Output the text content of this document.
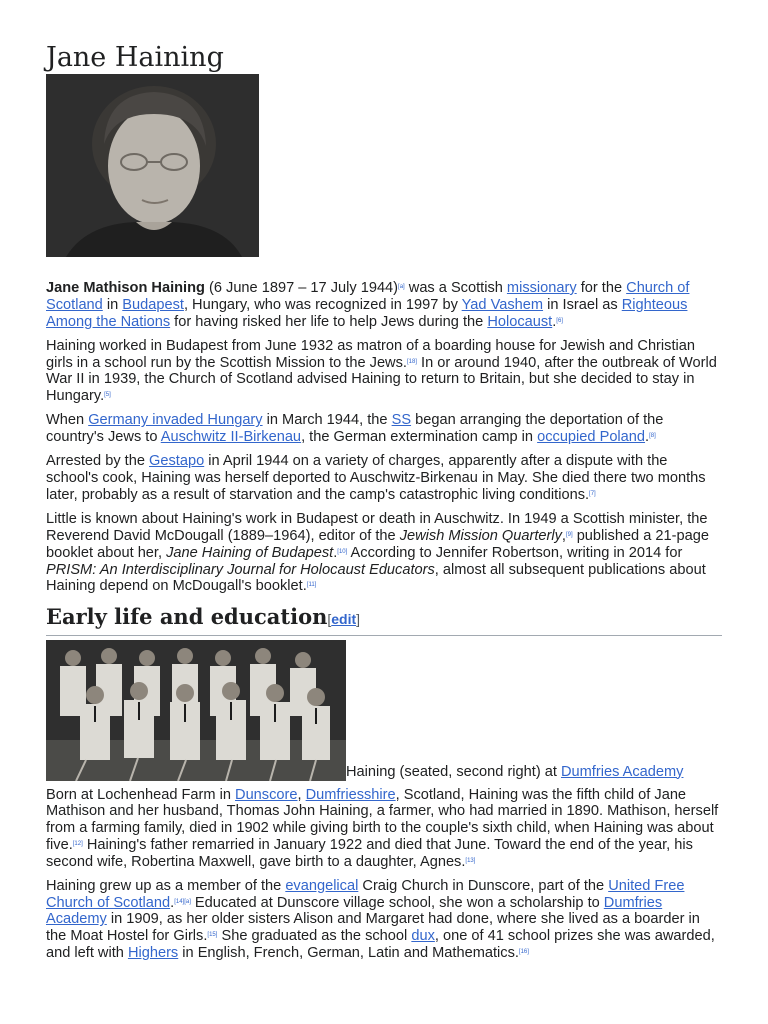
Jane Haining

Jane Mathison Haining (6 June 1897 – 17 July 1944)[a] was a Scottish missionary for the Church of Scotland in Budapest, Hungary, who was recognized in 1997 by Yad Vashem in Israel as Righteous Among the Nations for having risked her life to help Jews during the Holocaust.[6]

Haining worked in Budapest from June 1932 as matron of a boarding house for Jewish and Christian girls in a school run by the Scottish Mission to the Jews.[18] In or around 1940, after the outbreak of World War II in 1939, the Church of Scotland advised Haining to return to Britain, but she decided to stay in Hungary.[5]

When Germany invaded Hungary in March 1944, the SS began arranging the deportation of the country's Jews to Auschwitz II-Birkenau, the German extermination camp in occupied Poland.[8]

Arrested by the Gestapo in April 1944 on a variety of charges, apparently after a dispute with the school's cook, Haining was herself deported to Auschwitz-Birkenau in May. She died there two months later, probably as a result of starvation and the camp's catastrophic living conditions.[7]

Little is known about Haining's work in Budapest or death in Auschwitz. In 1949 a Scottish minister, the Reverend David McDougall (1889–1964), editor of the Jewish Mission Quarterly,[9] published a 21-page booklet about her, Jane Haining of Budapest.[10] According to Jennifer Robertson, writing in 2014 for PRISM: An Interdisciplinary Journal for Holocaust Educators, almost all subsequent publications about Haining depend on McDougall's booklet.[11]

Early life and education[edit]
Haining (seated, second right) at Dumfries Academy

Born at Lochenhead Farm in Dunscore, Dumfriesshire, Scotland, Haining was the fifth child of Jane Mathison and her husband, Thomas John Haining, a farmer, who had married in 1890. Mathison, herself from a farming family, died in 1902 while giving birth to the couple's sixth child, when Haining was about five.[12] Haining's father remarried in January 1922 and died that June. Toward the end of the year, his second wife, Robertina Maxwell, gave birth to a daughter, Agnes.[13]

Haining grew up as a member of the evangelical Craig Church in Dunscore, part of the United Free Church of Scotland.[14][a] Educated at Dunscore village school, she won a scholarship to Dumfries Academy in 1909, as her older sisters Alison and Margaret had done, where she lived as a boarder in the Moat Hostel for Girls.[15] She graduated as the school dux, one of 41 school prizes she was awarded, and left with Highers in English, French, German, Latin and Mathematics.[16]
